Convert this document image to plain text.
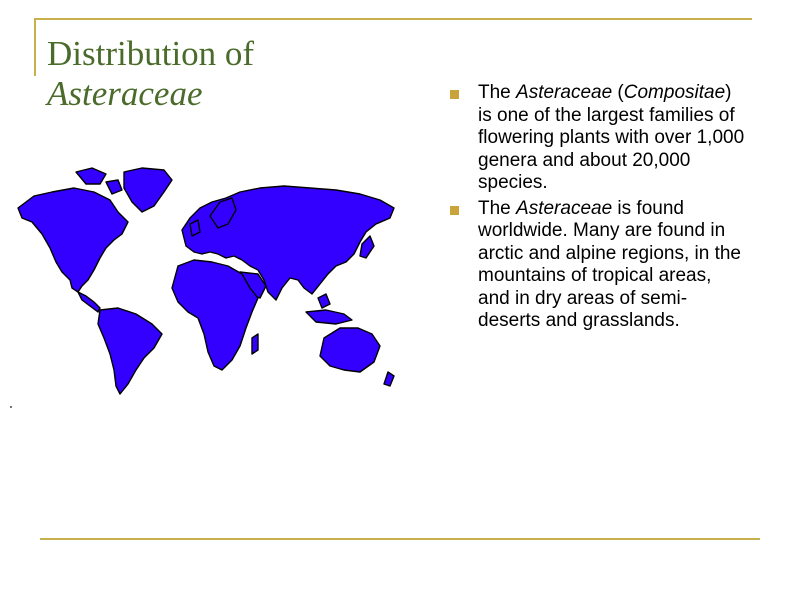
Distribution of
Asteraceae	The Asteraceae (Compositae) is one of the largest families of flowering plants with over 1,000 genera and about 20,000 species.
The Asteraceae is found worldwide. Many are found in arctic and alpine regions, in the mountains of tropical areas, and in dry areas of semi-deserts and grasslands.
